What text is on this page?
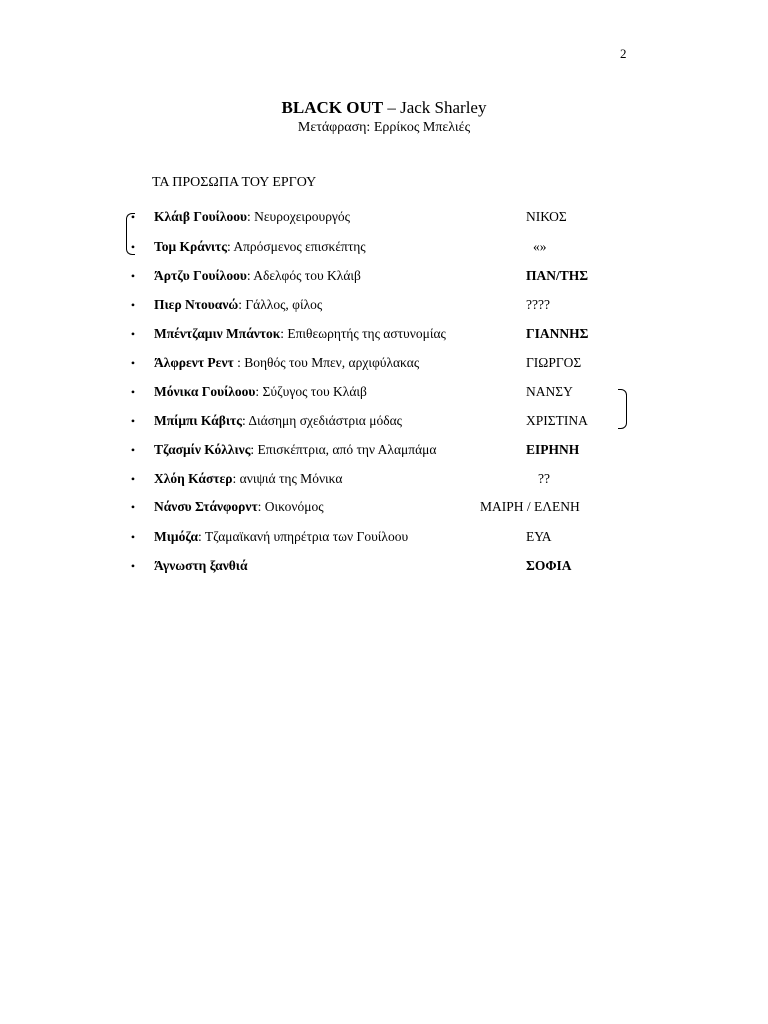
2
BLACK OUT – Jack Sharley
Μετάφραση: Ερρίκος Μπελιές
ΤΑ ΠΡΟΣΩΠΑ ΤΟΥ ΕΡΓΟΥ
• Κλάιβ Γουίλοου: Νευροχειρουργός	ΝΙΚΟΣ
• Τομ Κράνιτς: Απρόσμενος επισκέπτης	«»
• Άρτζυ Γουίλοου: Αδελφός του Κλάιβ	ΠΑΝ/ΤΗΣ
• Πιερ Ντουανώ: Γάλλος, φίλος	????
• Μπέντζαμιν Μπάντοκ: Επιθεωρητής της αστυνομίας	ΓΙΑΝΝΗΣ
• Άλφρεντ Ρεντ : Βοηθός του Μπεν, αρχιφύλακας	ΓΙΩΡΓΟΣ
• Μόνικα Γουίλοου: Σύζυγος του Κλάιβ	ΝΑΝΣΥ
• Μπίμπι Κάβιτς: Διάσημη σχεδιάστρια μόδας	ΧΡΙΣΤΙΝΑ
• Τζασμίν Κόλλινς: Επισκέπτρια, από την Αλαμπάμα	ΕΙΡΗΝΗ
• Χλόη Κάστερ: ανιψιά της Μόνικα	??
• Νάνσυ Στάνφορντ: Οικονόμος	ΜΑΙΡΗ / ΕΛΕΝΗ
• Μιμόζα: Τζαμαϊκανή υπηρέτρια των Γουίλοου	ΕΥΑ
• Άγνωστη ξανθιά	ΣΟΦΙΑ
